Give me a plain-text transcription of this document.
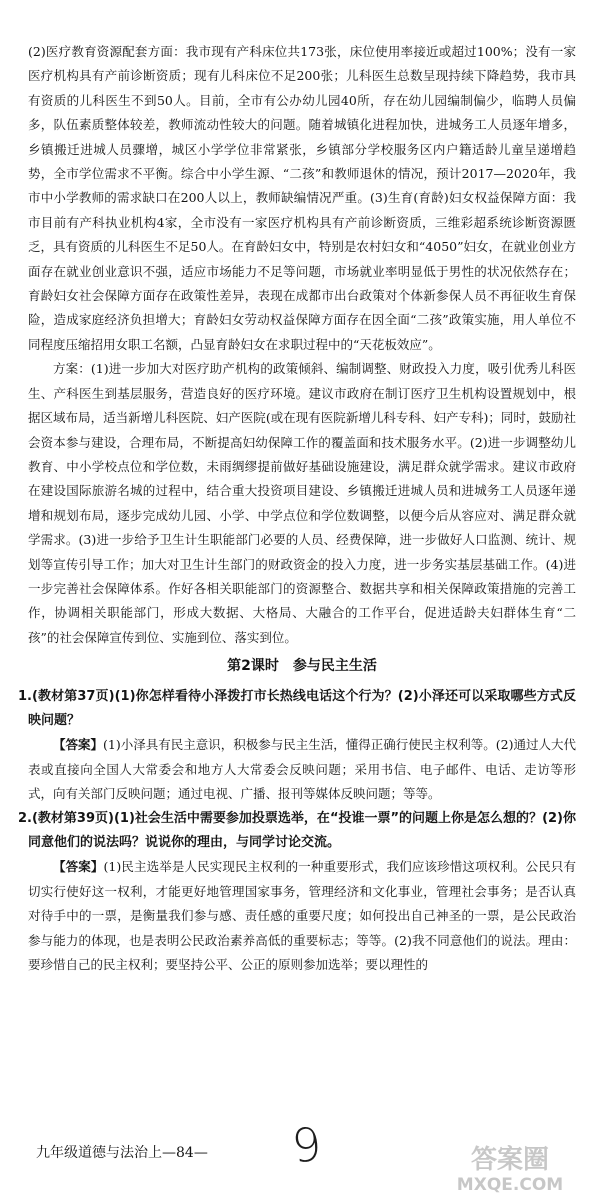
(2)医疗教育资源配套方面：我市现有产科床位共173张，床位使用率接近或超过100%；没有一家医疗机构具有产前诊断资质；现有儿科床位不足200张；儿科医生总数呈现持续下降趋势，我市具有资质的儿科医生不到50人。目前，全市有公办幼儿园40所，存在幼儿园编制偏少，临聘人员偏多，队伍素质整体较差，教师流动性较大的问题。随着城镇化进程加快，进城务工人员逐年增多，乡镇搬迁进城人员骤增，城区小学学位非常紧张，乡镇部分学校服务区内户籍适龄儿童呈递增趋势，全市学位需求不平衡。综合中小学生源、“二孩”和教师退休的情况，预计2017—2020年，我市中小学教师的需求缺口在200人以上，教师缺编情况严重。(3)生育(育龄)妇女权益保障方面：我市目前有产科执业机构4家，全市没有一家医疗机构具有产前诊断资质，三维彩超系统诊断资源匮乏，具有资质的儿科医生不足50人。在育龄妇女中，特别是农村妇女和“4050”妇女，在就业创业方面存在就业创业意识不强，适应市场能力不足等问题，市场就业率明显低于男性的状况依然存在；育龄妇女社会保障方面存在政策性差异，表现在成都市出台政策对个体新参保人员不再征收生育保险，造成家庭经济负担增大；育龄妇女劳动权益保障方面存在因全面“二孩”政策实施，用人单位不同程度压缩招用女职工名额，凸显育龄妇女在求职过程中的“天花板效应”。

方案：(1)进一步加大对医疗助产机构的政策倾斜、编制调整、财政投入力度，吸引优秀儿科医生、产科医生到基层服务，营造良好的医疗环境。建议市政府在制订医疗卫生机构设置规划中，根据区域布局，适当新增儿科医院、妇产医院(或在现有医院新增儿科专科、妇产专科)；同时，鼓励社会资本参与建设，合理布局，不断提高妇幼保障工作的覆盖面和技术服务水平。(2)进一步调整幼儿教育、中小学校点位和学位数，未雨绸缪提前做好基础设施建设，满足群众就学需求。建议市政府在建设国际旅游名城的过程中，结合重大投资项目建设、乡镇搬迁进城人员和进城务工人员逐年递增和规划布局，逐步完成幼儿园、小学、中学点位和学位数调整，以便今后从容应对、满足群众就学需求。(3)进一步给予卫生计生职能部门必要的人员、经费保障，进一步做好人口监测、统计、规划等宣传引导工作；加大对卫生计生部门的财政资金的投入力度，进一步务实基层基础工作。(4)进一步完善社会保障体系。作好各相关职能部门的资源整合、数据共享和相关保障政策措施的完善工作，协调相关职能部门，形成大数据、大格局、大融合的工作平台，促进适龄夫妇群体生育“二孩”的社会保障宣传到位、实施到位、落实到位。

第2课时　参与民主生活

1.(教材第37页)(1)你怎样看待小泽拨打市长热线电话这个行为？(2)小泽还可以采取哪些方式反映问题？

【答案】(1)小泽具有民主意识，积极参与民主生活，懂得正确行使民主权利等。(2)通过人大代表或直接向全国人大常委会和地方人大常委会反映问题；采用书信、电子邮件、电话、走访等形式，向有关部门反映问题；通过电视、广播、报刊等媒体反映问题；等等。

2.(教材第39页)(1)社会生活中需要参加投票选举，在“投谁一票”的问题上你是怎么想的？(2)你同意他们的说法吗？说说你的理由，与同学讨论交流。

【答案】(1)民主选举是人民实现民主权利的一种重要形式，我们应该珍惜这项权利。公民只有切实行使好这一权利，才能更好地管理国家事务，管理经济和文化事业，管理社会事务；是否认真对待手中的一票，是衡量我们参与感、责任感的重要尺度；如何投出自己神圣的一票，是公民政治参与能力的体现，也是表明公民政治素养高低的重要标志；等等。(2)我不同意他们的说法。理由：要珍惜自己的民主权利；要坚持公平、公正的原则参加选举；要以理性的

九年级道德与法治上—84— 9	答案圈
MXQE.COM
